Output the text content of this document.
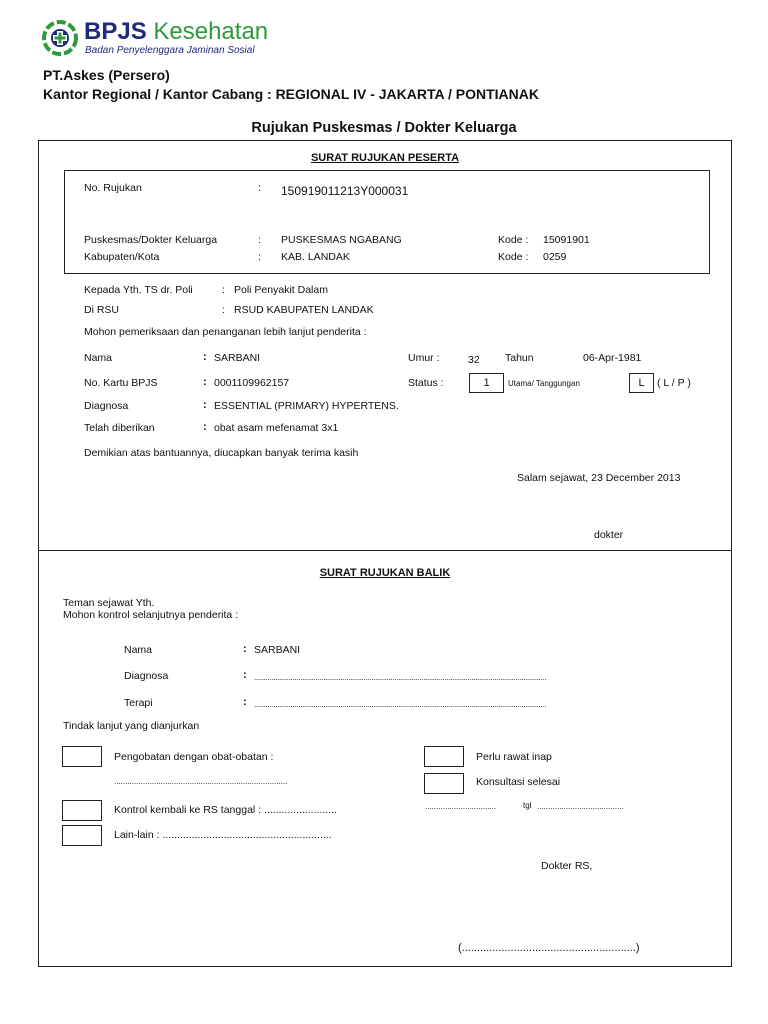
BPJS Kesehatan
Badan Penyelenggara Jaminan Sosial
PT.Askes (Persero)
Kantor Regional / Kantor Cabang : REGIONAL IV - JAKARTA / PONTIANAK
Rujukan Puskesmas / Dokter Keluarga
SURAT RUJUKAN PESERTA
No. Rujukan	: 150919011213Y000031
Puskesmas/Dokter Keluarga	: PUSKESMAS NGABANG	Kode : 15091901
Kabupaten/Kota	: KAB. LANDAK	Kode : 0259
Kepada Yth. TS dr. Poli	: Poli Penyakit Dalam
Di RSU	: RSUD KABUPATEN LANDAK
Mohon pemeriksaan dan penanganan lebih lanjut penderita :
Nama	: SARBANI	Umur :	32 Tahun	06-Apr-1981
No. Kartu BPJS	: 0001109962157	Status :	1	Utama/ Tanggungan	L	( L / P )
Diagnosa	: ESSENTIAL (PRIMARY) HYPERTENS.
Telah diberikan	: obat asam mefenamat 3x1
Demikian atas bantuannya, diucapkan banyak terima kasih
Salam sejawat, 23 December 2013
dokter
SURAT RUJUKAN BALIK
Teman sejawat Yth.
Mohon kontrol selanjutnya penderita :
Nama	: SARBANI
Diagnosa	: ........................................................................................................................................................
Terapi	: ........................................................................................................................................................
Tindak lanjut yang dianjurkan
Pengobatan dengan obat-obatan :
..............................................................................
Perlu rawat inap
Konsultasi selesai
Kontrol kembali ke RS tanggal : .........................	................................	tgl .......................................
Lain-lain : ..........................................................
Dokter RS,
(.........................................................)
